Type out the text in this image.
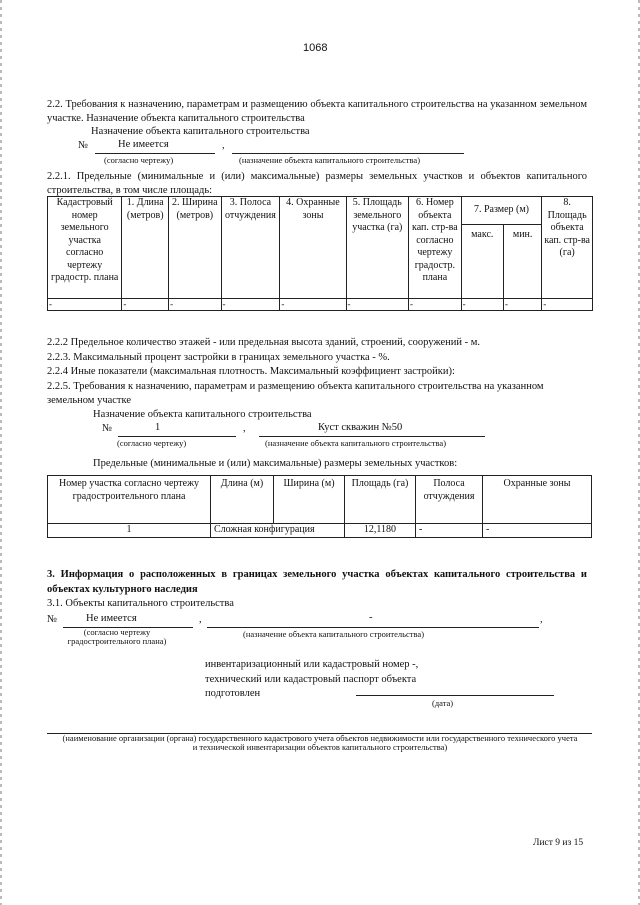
1068
2.2. Требования к назначению, параметрам и размещению объекта капитального строительства на указанном земельном участке. Назначение объекта капитального строительства
Назначение объекта капитального строительства
№	Не имеется	,
(согласно чертежу)	(назначение объекта капитального строительства)
2.2.1. Предельные (минимальные и (или) максимальные) размеры земельных участков и объектов капитального строительства, в том числе площадь:
Кадастровый номер земельного участка согласно чертежу градостр. плана	1. Длина (метров)	2. Ширина (метров)	3. Полоса отчуждения	4. Охранные зоны	5. Площадь земельного участка (га)	6. Номер объекта кап. стр-ва согласно чертежу градостр. плана	7. Размер (м)		8. Площадь объекта кап. стр-ва (га)
							макс.	мин.	
-	-	-	-	-	-	-	-	-	-
2.2.2 Предельное количество этажей - или предельная высота зданий, строений, сооружений - м.
2.2.3. Максимальный процент застройки в границах земельного участка - %.
2.2.4 Иные показатели (максимальная плотность. Максимальный коэффициент застройки):
2.2.5. Требования к назначению, параметрам и размещению объекта капитального строительства на указанном земельном участке
Назначение объекта капитального строительства
№	1	,	Куст скважин №50
(согласно чертежу)	(назначение объекта капитального строительства)
Предельные (минимальные и (или) максимальные) размеры земельных участков:
Номер участка согласно чертежу градостроительного плана	Длина (м)	Ширина (м)	Площадь (га)	Полоса отчуждения	Охранные зоны
1	Сложная конфигурация		12,1180	-	-
3. Информация о расположенных в границах земельного участка объектах капитального строительства и объектах культурного наследия
3.1. Объекты капитального строительства
№	Не имеется	,	-	,
(согласно чертежу градостроительного плана)
(назначение объекта капитального строительства)
инвентаризационный или кадастровый номер -,
технический или кадастровый паспорт объекта
подготовлен
(дата)
(наименование организации (органа) государственного кадастрового учета объектов недвижимости или государственного технического учета и технической инвентаризации объектов капитального строительства)
Лист 9 из 15
